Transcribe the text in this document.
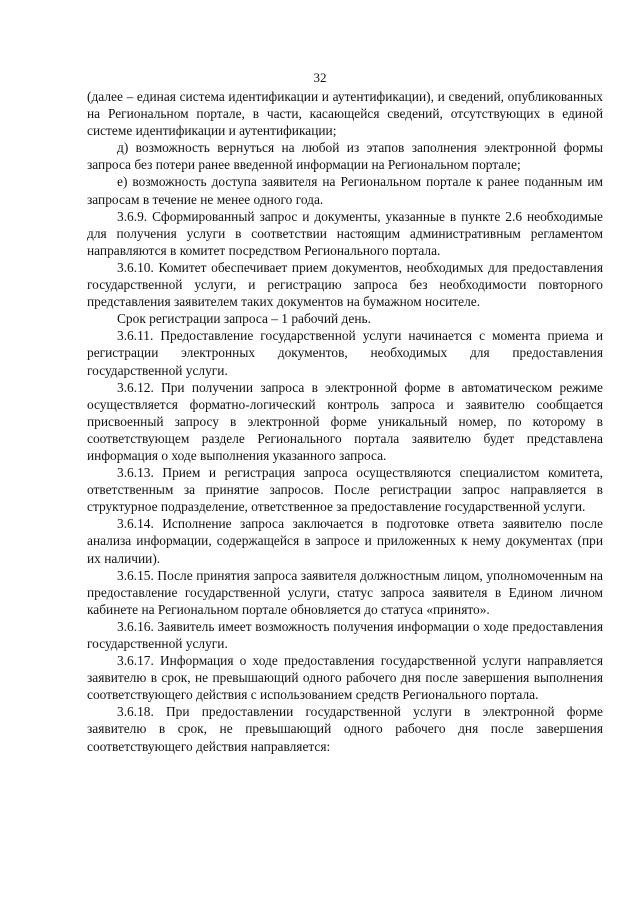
32

(далее – единая система идентификации и аутентификации), и сведений, опубликованных на Региональном портале, в части, касающейся сведений, отсутствующих в единой системе идентификации и аутентификации;

д) возможность вернуться на любой из этапов заполнения электронной формы запроса без потери ранее введенной информации на Региональном портале;

е) возможность доступа заявителя на Региональном портале к ранее поданным им запросам в течение не менее одного года.

3.6.9. Сформированный запрос и документы, указанные в пункте 2.6 необходимые для получения услуги в соответствии настоящим административным регламентом направляются в комитет посредством Регионального портала.

3.6.10. Комитет обеспечивает прием документов, необходимых для предоставления государственной услуги, и регистрацию запроса без необходимости повторного представления заявителем таких документов на бумажном носителе.

Срок регистрации запроса – 1 рабочий день.

3.6.11. Предоставление государственной услуги начинается с момента приема и регистрации электронных документов, необходимых для предоставления государственной услуги.

3.6.12. При получении запроса в электронной форме в автоматическом режиме осуществляется форматно-логический контроль запроса и заявителю сообщается присвоенный запросу в электронной форме уникальный номер, по которому в соответствующем разделе Регионального портала заявителю будет представлена информация о ходе выполнения указанного запроса.

3.6.13. Прием и регистрация запроса осуществляются специалистом комитета, ответственным за принятие запросов. После регистрации запрос направляется в структурное подразделение, ответственное за предоставление государственной услуги.

3.6.14. Исполнение запроса заключается в подготовке ответа заявителю после анализа информации, содержащейся в запросе и приложенных к нему документах (при их наличии).

3.6.15. После принятия запроса заявителя должностным лицом, уполномоченным на предоставление государственной услуги, статус запроса заявителя в Едином личном кабинете на Региональном портале обновляется до статуса «принято».

3.6.16. Заявитель имеет возможность получения информации о ходе предоставления государственной услуги.

3.6.17. Информация о ходе предоставления государственной услуги направляется заявителю в срок, не превышающий одного рабочего дня после завершения выполнения соответствующего действия с использованием средств Регионального портала.

3.6.18. При предоставлении государственной услуги в электронной форме заявителю в срок, не превышающий одного рабочего дня после завершения соответствующего действия направляется:
